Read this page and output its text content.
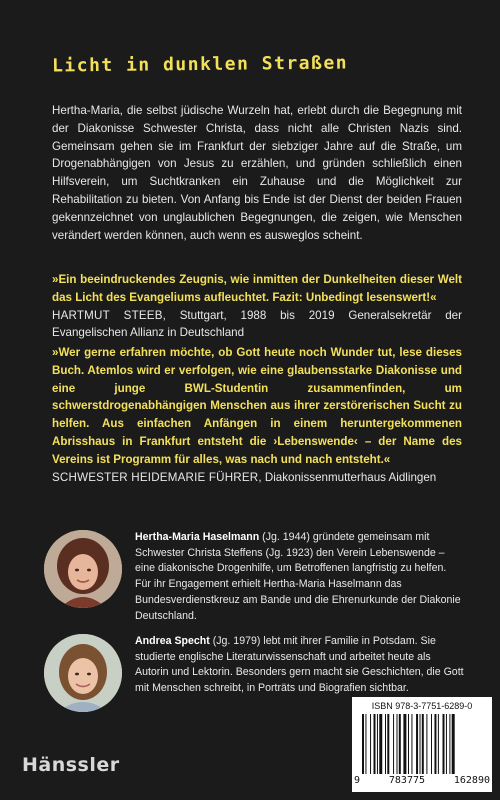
Licht in dunklen Straßen

Hertha-Maria, die selbst jüdische Wurzeln hat, erlebt durch die Begegnung mit der Diakonisse Schwester Christa, dass nicht alle Christen Nazis sind. Gemeinsam gehen sie im Frankfurt der siebziger Jahre auf die Straße, um Drogenabhängigen von Jesus zu erzählen, und gründen schließlich einen Hilfsverein, um Suchtkranken ein Zuhause und die Möglichkeit zur Rehabilitation zu bieten. Von Anfang bis Ende ist der Dienst der beiden Frauen gekennzeichnet von unglaublichen Begegnungen, die zeigen, wie Menschen verändert werden können, auch wenn es ausweglos scheint.

»Ein beeindruckendes Zeugnis, wie inmitten der Dunkelheiten dieser Welt das Licht des Evangeliums aufleuchtet. Fazit: Unbedingt lesenswert!«
HARTMUT STEEB, Stuttgart, 1988 bis 2019 Generalsekretär der Evangelischen Allianz in Deutschland

»Wer gerne erfahren möchte, ob Gott heute noch Wunder tut, lese dieses Buch. Atemlos wird er verfolgen, wie eine glaubensstarke Diakonisse und eine junge BWL-Studentin zusammenfinden, um schwerstdrogenabhängigen Menschen aus ihrer zerstörerischen Sucht zu helfen. Aus einfachen Anfängen in einem heruntergekommenen Abrisshaus in Frankfurt entsteht die ›Lebenswende‹ – der Name des Vereins ist Programm für alles, was nach und nach entsteht.«
SCHWESTER HEIDEMARIE FÜHRER, Diakonissenmutterhaus Aidlingen

Hertha-Maria Haselmann (Jg. 1944) gründete gemeinsam mit Schwester Christa Steffens (Jg. 1923) den Verein Lebenswende – eine diakonische Drogenhilfe, um Betroffenen langfristig zu helfen. Für ihr Engagement erhielt Hertha-Maria Haselmann das Bundesverdienstkreuz am Bande und die Ehrenurkunde der Diakonie Deutschland.

Andrea Specht (Jg. 1979) lebt mit ihrer Familie in Potsdam. Sie studierte englische Literaturwissenschaft und arbeitet heute als Autorin und Lektorin. Besonders gern macht sie Geschichten, die Gott mit Menschen schreibt, in Porträts und Biografien sichtbar.

Hänssler
ISBN 978-3-7751-6289-0
9	783775	162890
